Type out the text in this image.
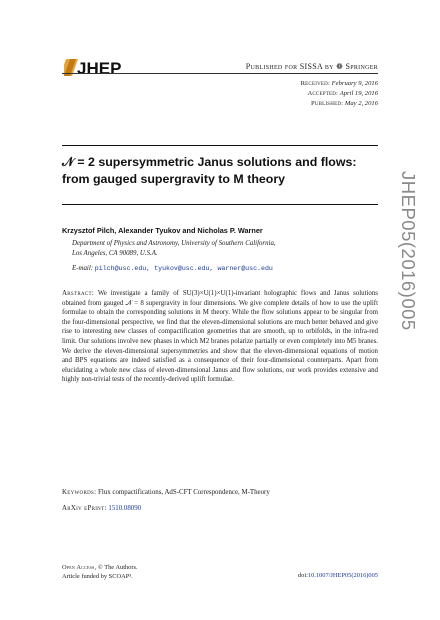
JHEP	Published for SISSA by ❁ Springer
Received: February 9, 2016
Accepted: April 19, 2016
Published: May 2, 2016
𝒩 = 2 supersymmetric Janus solutions and flows:
from gauged supergravity to M theory
Krzysztof Pilch, Alexander Tyukov and Nicholas P. Warner
Department of Physics and Astronomy, University of Southern California,
Los Angeles, CA 90089, U.S.A.
E-mail: pilch@usc.edu, tyukov@usc.edu, warner@usc.edu
Abstract: We investigate a family of SU(3)×U(1)×U(1)-invariant holographic flows and Janus solutions obtained from gauged 𝒩 = 8 supergravity in four dimensions. We give complete details of how to use the uplift formulae to obtain the corresponding solutions in M theory. While the flow solutions appear to be singular from the four-dimensional perspective, we find that the eleven-dimensional solutions are much better behaved and give rise to interesting new classes of compactification geometries that are smooth, up to orbifolds, in the infra-red limit. Our solutions involve new phases in which M2 branes polarize partially or even completely into M5 branes. We derive the eleven-dimensional supersymmetries and show that the eleven-dimensional equations of motion and BPS equations are indeed satisfied as a consequence of their four-dimensional counterparts. Apart from elucidating a whole new class of eleven-dimensional Janus and flow solutions, our work provides extensive and highly non-trivial tests of the recently-derived uplift formulae.
Keywords: Flux compactifications, AdS-CFT Correspondence, M-Theory
ArXiv ePrint: 1510.08090
Open Access, © The Authors.
Article funded by SCOAP³.	doi:10.1007/JHEP05(2016)005
JHEP05(2016)005
